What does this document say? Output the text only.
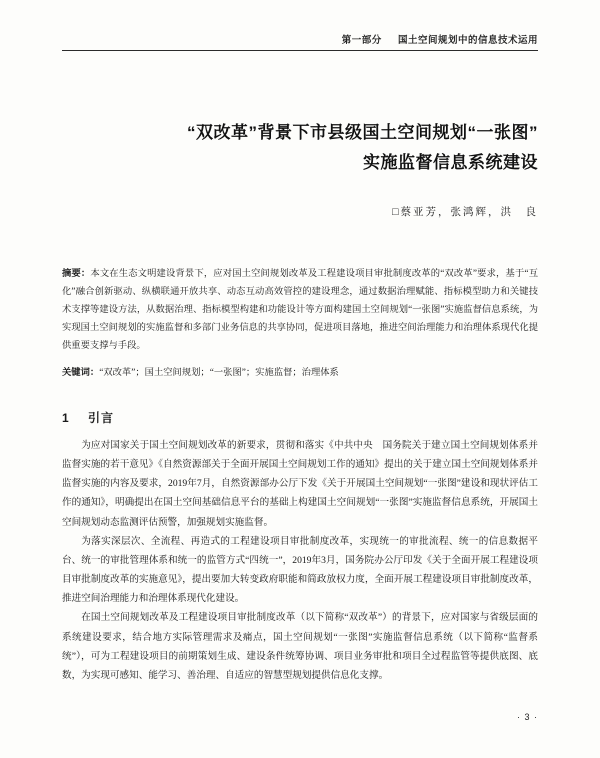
第一部分 国土空间规划中的信息技术运用
“双改革”背景下市县级国土空间规划“一张图”
实施监督信息系统建设
□蔡亚芳，张鸿辉，洪　良
摘要：本文在生态文明建设背景下，应对国土空间规划改革及工程建设项目审批制度改革的“双改革”要求，基于“互化”融合创新驱动、纵横联通开放共享、动态互动高效管控的建设理念，通过数据治理赋能、指标模型助力和关键技术支撑等建设方法，从数据治理、指标模型构建和功能设计等方面构建国土空间规划“一张图”实施监督信息系统，为实现国土空间规划的实施监督和多部门业务信息的共享协同，促进项目落地，推进空间治理能力和治理体系现代化提供重要支撑与手段。
关键词：“双改革”；国土空间规划；“一张图”；实施监督；治理体系
1 引言

为应对国家关于国土空间规划改革的新要求，贯彻和落实《中共中央　国务院关于建立国土空间规划体系并监督实施的若干意见》《自然资源部关于全面开展国土空间规划工作的通知》提出的关于建立国土空间规划体系并监督实施的内容及要求，2019年7月，自然资源部办公厅下发《关于开展国土空间规划“一张图”建设和现状评估工作的通知》，明确提出在国土空间基础信息平台的基础上构建国土空间规划“一张图”实施监督信息系统，开展国土空间规划动态监测评估预警，加强规划实施监督。

为落实深层次、全流程、再造式的工程建设项目审批制度改革，实现统一的审批流程、统一的信息数据平台、统一的审批管理体系和统一的监管方式“四统一”，2019年3月，国务院办公厅印发《关于全面开展工程建设项目审批制度改革的实施意见》，提出要加大转变政府职能和简政放权力度，全面开展工程建设项目审批制度改革，推进空间治理能力和治理体系现代化建设。

在国土空间规划改革及工程建设项目审批制度改革（以下简称“双改革”）的背景下，应对国家与省级层面的系统建设要求，结合地方实际管理需求及痛点，国土空间规划“一张图”实施监督信息系统（以下简称“监督系统”），可为工程建设项目的前期策划生成、建设条件统筹协调、项目业务审批和项目全过程监管等提供底图、底数，为实现可感知、能学习、善治理、自适应的智慧型规划提供信息化支撑。

· 3 ·
